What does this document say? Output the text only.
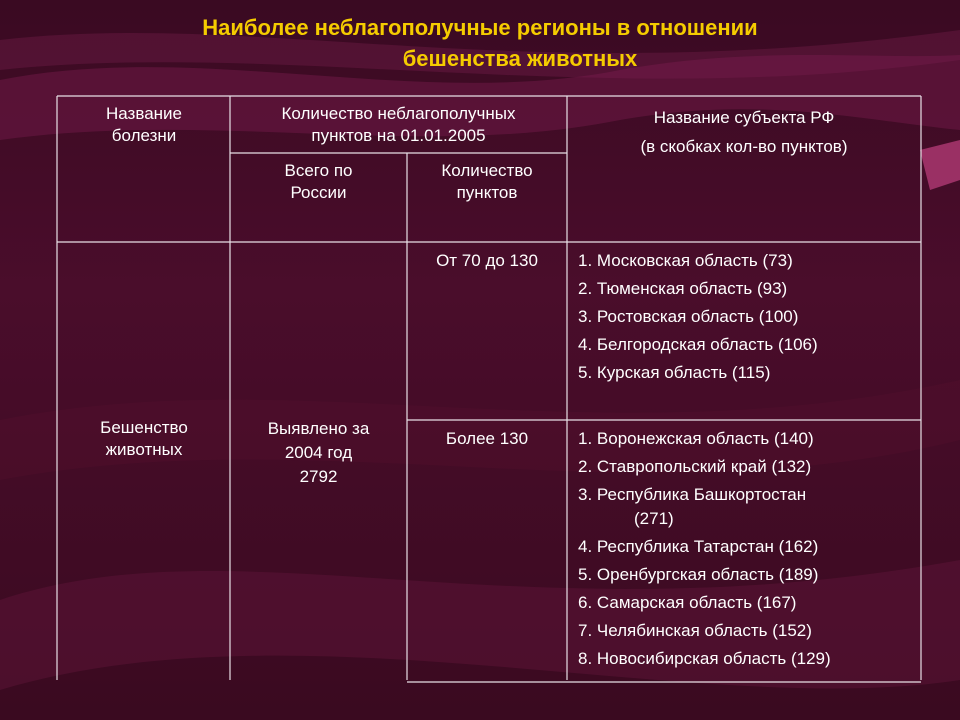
Наиболее неблагополучные регионы в отношении
бешенства животных
Название
болезни
Количество неблагополучных
пунктов на 01.01.2005
Название субъекта РФ
(в скобках кол-во пунктов)
Всего по
России
Количество
пунктов
Бешенство
животных
Выявлено за
2004 год
2792
От 70 до 130
Более 130
1. Московская область (73)
2. Тюменская область (93)
3. Ростовская область (100)
4. Белгородская область (106)
5. Курская область (115)
1. Воронежская область (140)
2. Ставропольский край (132)
3. Республика Башкортостан
(271)
4. Республика Татарстан (162)
5. Оренбургская область (189)
6. Самарская область (167)
7. Челябинская область (152)
8. Новосибирская область (129)
